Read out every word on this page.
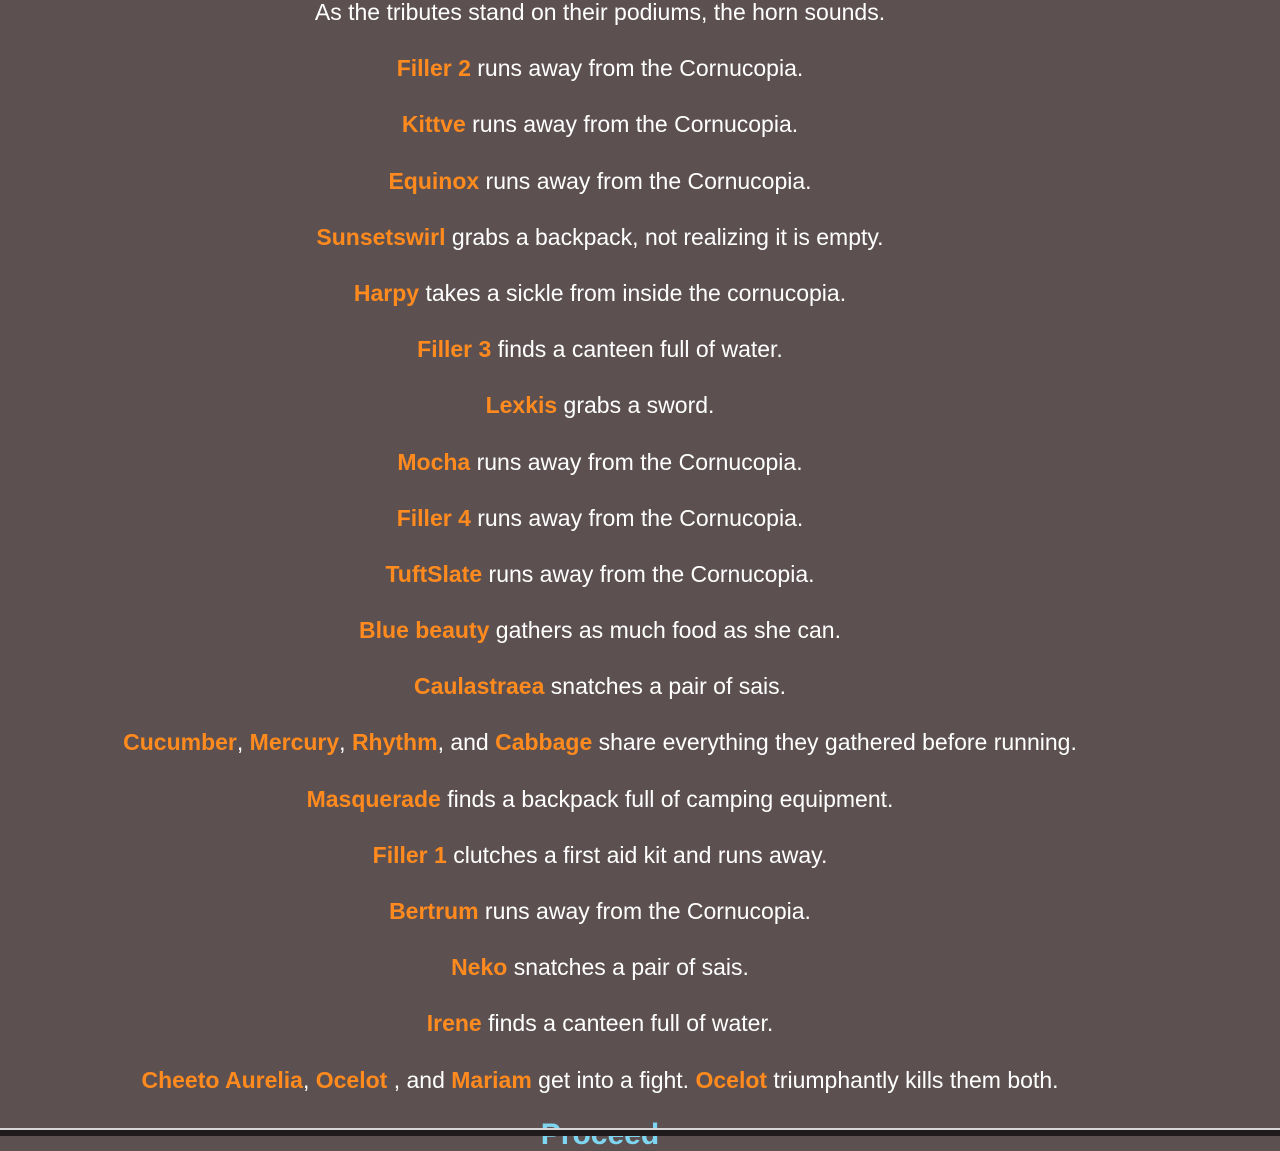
As the tributes stand on their podiums, the horn sounds.
Filler 2 runs away from the Cornucopia.
Kittve runs away from the Cornucopia.
Equinox runs away from the Cornucopia.
Sunsetswirl grabs a backpack, not realizing it is empty.
Harpy takes a sickle from inside the cornucopia.
Filler 3 finds a canteen full of water.
Lexkis grabs a sword.
Mocha runs away from the Cornucopia.
Filler 4 runs away from the Cornucopia.
TuftSlate runs away from the Cornucopia.
Blue beauty gathers as much food as she can.
Caulastraea snatches a pair of sais.
Cucumber, Mercury, Rhythm, and Cabbage share everything they gathered before running.
Masquerade finds a backpack full of camping equipment.
Filler 1 clutches a first aid kit and runs away.
Bertrum runs away from the Cornucopia.
Neko snatches a pair of sais.
Irene finds a canteen full of water.
Cheeto Aurelia, Ocelot , and Mariam get into a fight. Ocelot triumphantly kills them both.
